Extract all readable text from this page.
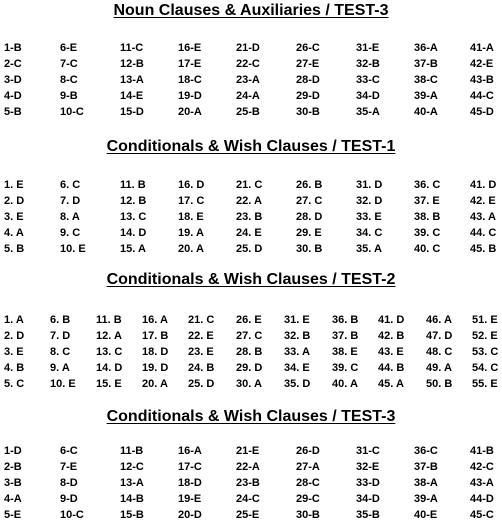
Noun Clauses & Auxiliaries / TEST-3
1-B	6-E	11-C	16-E	21-D	26-C	31-E	36-A	41-A
2-C	7-C	12-B	17-E	22-C	27-E	32-B	37-B	42-E
3-D	8-C	13-A	18-C	23-A	28-D	33-C	38-C	43-B
4-D	9-B	14-E	19-D	24-A	29-D	34-D	39-A	44-C
5-B	10-C	15-D	20-A	25-B	30-B	35-A	40-A	45-D
Conditionals & Wish Clauses / TEST-1
1. E	6. C	11. B	16. D	21. C	26. B	31. D	36. C	41. D
2. D	7. D	12. B	17. C	22. A	27. C	32. D	37. E	42. E
3. E	8. A	13. C	18. E	23. B	28. D	33. E	38. B	43. A
4. A	9. C	14. D	19. A	24. E	29. E	34. C	39. C	44. C
5. B	10. E	15. A	20. A	25. D	30. B	35. A	40. C	45. B
Conditionals & Wish Clauses / TEST-2
1. A 6. B 11. B 16. A 21. C 26. E 31. E 36. B 41. D 46. A 51. E
2. D 7. D 12. A 17. B 22. E 27. C 32. B 37. B 42. B 47. D 52. E
3. E 8. C 13. C 18. D 23. E 28. B 33. A 38. E 43. E 48. C 53. C
4. B 9. A 14. D 19. D 24. B 29. D 34. E 39. C 44. B 49. A 54. C
5. C 10. E 15. E 20. A 25. D 30. A 35. D 40. A 45. A 50. B 55. E
Conditionals & Wish Clauses / TEST-3
1-D	6-C	11-B	16-A	21-E	26-D	31-C	36-C	41-B
2-B	7-E	12-C	17-C	22-A	27-A	32-E	37-B	42-C
3-B	8-D	13-A	18-D	23-B	28-C	33-D	38-A	43-A
4-A	9-D	14-B	19-E	24-C	29-C	34-D	39-A	44-D
5-E	10-C	15-B	20-D	25-E	30-B	35-B	40-E	45-C
